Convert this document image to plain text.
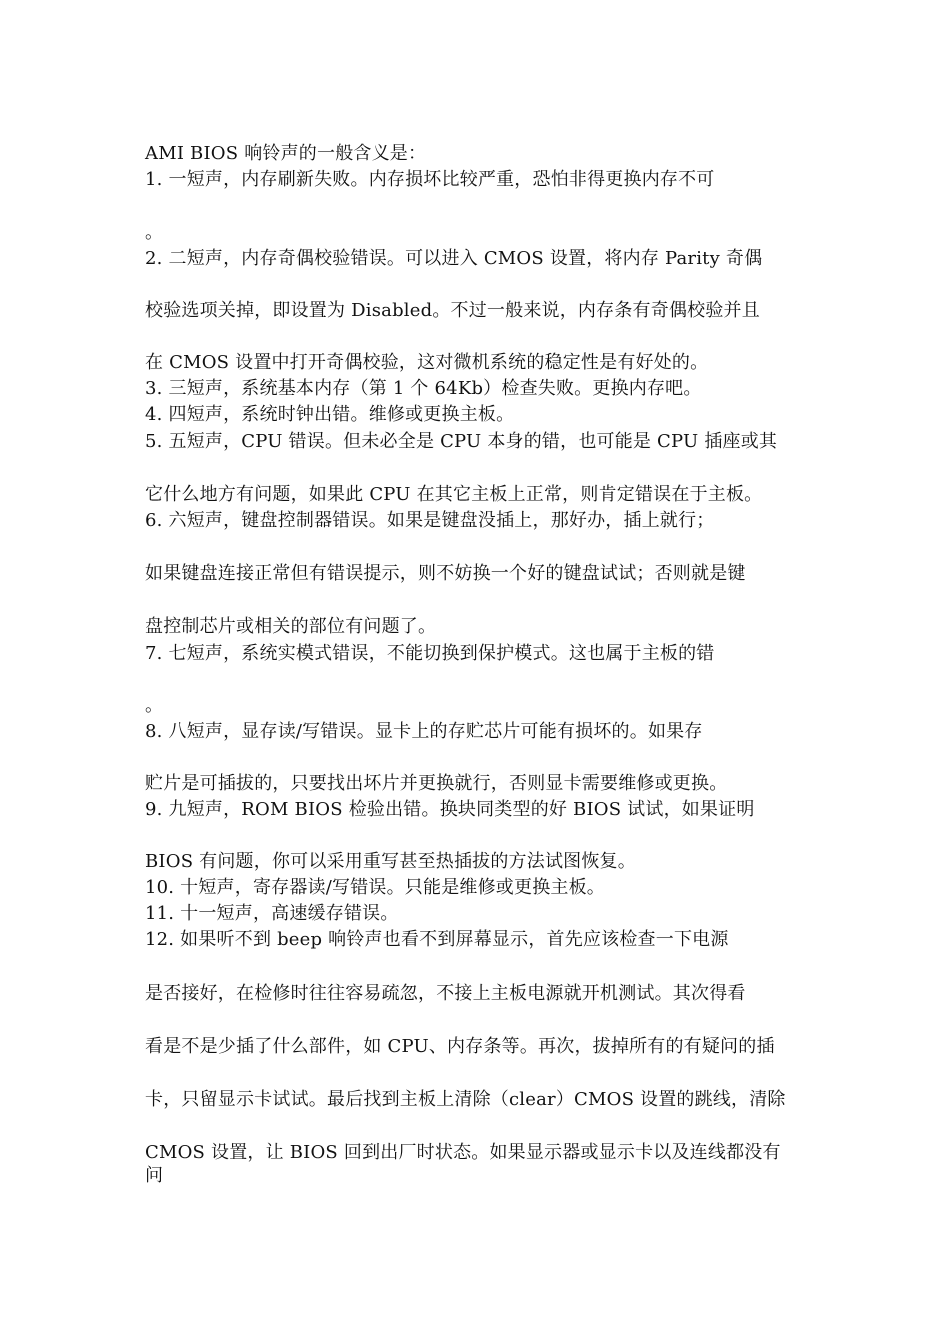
AMI BIOS 响铃声的一般含义是：
1. 一短声，内存刷新失败。内存损坏比较严重，恐怕非得更换内存不可
。
2. 二短声，内存奇偶校验错误。可以进入 CMOS 设置，将内存 Parity 奇偶
校验选项关掉，即设置为 Disabled。不过一般来说，内存条有奇偶校验并且
在 CMOS 设置中打开奇偶校验，这对微机系统的稳定性是有好处的。
3. 三短声，系统基本内存（第 1 个 64Kb）检查失败。更换内存吧。
4. 四短声，系统时钟出错。维修或更换主板。
5. 五短声，CPU 错误。但未必全是 CPU 本身的错，也可能是 CPU 插座或其
它什么地方有问题，如果此 CPU 在其它主板上正常，则肯定错误在于主板。
6. 六短声，键盘控制器错误。如果是键盘没插上，那好办，插上就行；
如果键盘连接正常但有错误提示，则不妨换一个好的键盘试试；否则就是键
盘控制芯片或相关的部位有问题了。
7. 七短声，系统实模式错误，不能切换到保护模式。这也属于主板的错
。
8. 八短声，显存读/写错误。显卡上的存贮芯片可能有损坏的。如果存
贮片是可插拔的，只要找出坏片并更换就行，否则显卡需要维修或更换。
9. 九短声，ROM BIOS 检验出错。换块同类型的好 BIOS 试试，如果证明
BIOS 有问题，你可以采用重写甚至热插拔的方法试图恢复。
10. 十短声，寄存器读/写错误。只能是维修或更换主板。
11. 十一短声，高速缓存错误。
12. 如果听不到 beep 响铃声也看不到屏幕显示，首先应该检查一下电源
是否接好，在检修时往往容易疏忽，不接上主板电源就开机测试。其次得看
看是不是少插了什么部件，如 CPU、内存条等。再次，拔掉所有的有疑问的插
卡，只留显示卡试试。最后找到主板上清除（clear）CMOS 设置的跳线，清除
CMOS 设置，让 BIOS 回到出厂时状态。如果显示器或显示卡以及连线都没有
问
